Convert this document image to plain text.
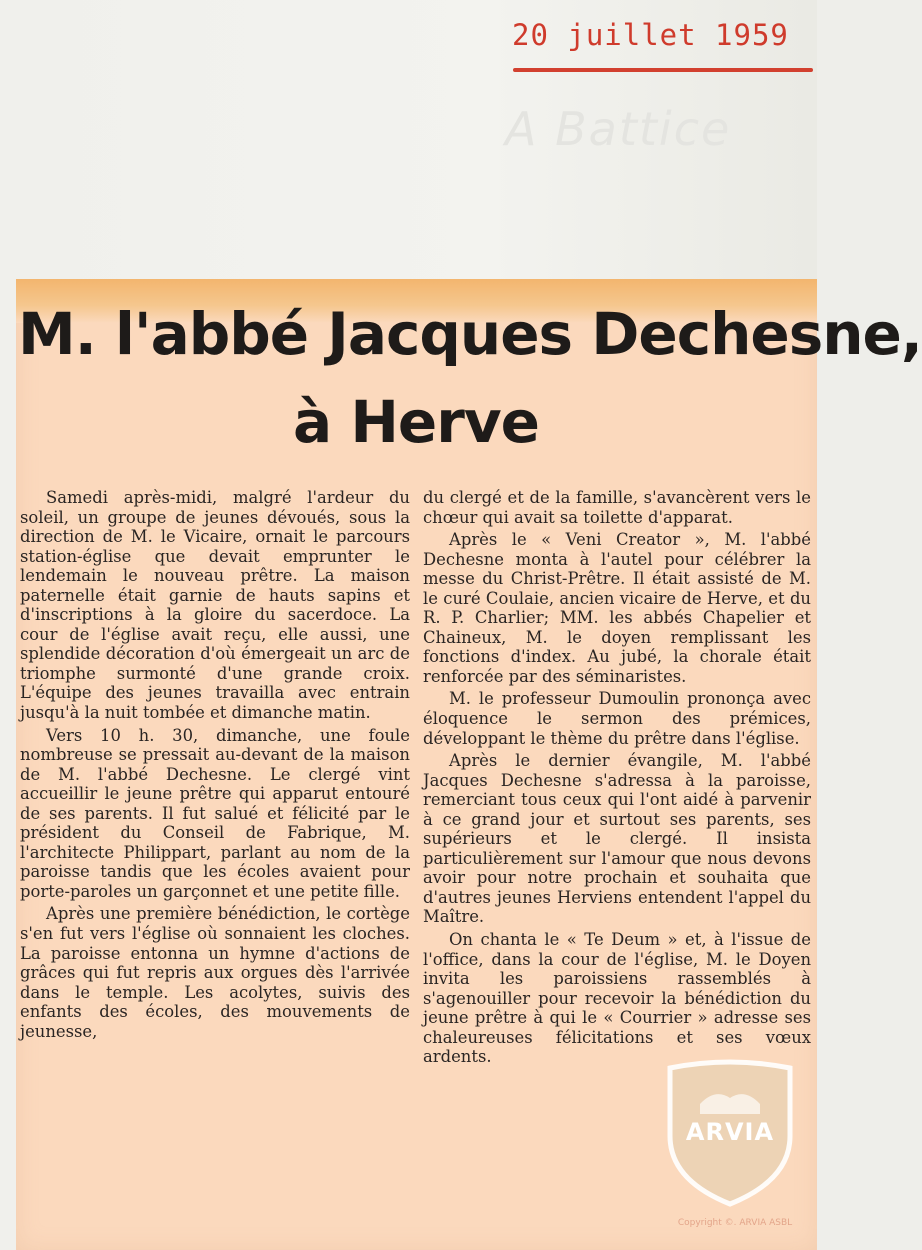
A Battice
20 juillet 1959
M. l'abbé Jacques Dechesne,
à Herve

Samedi après-midi, malgré l'ardeur du soleil, un groupe de jeunes dévoués, sous la direction de M. le Vicaire, ornait le parcours station-église que devait emprunter le lendemain le nouveau prêtre. La maison paternelle était garnie de hauts sapins et d'inscriptions à la gloire du sacerdoce. La cour de l'église avait reçu, elle aussi, une splendide décoration d'où émergeait un arc de triomphe surmonté d'une grande croix. L'équipe des jeunes travailla avec entrain jusqu'à la nuit tombée et dimanche matin.

Vers 10 h. 30, dimanche, une foule nombreuse se pressait au-devant de la maison de M. l'abbé Dechesne. Le clergé vint accueillir le jeune prêtre qui apparut entouré de ses parents. Il fut salué et félicité par le président du Conseil de Fabrique, M. l'architecte Philippart, parlant au nom de la paroisse tandis que les écoles avaient pour porte-paroles un garçonnet et une petite fille.

Après une première bénédiction, le cortège s'en fut vers l'église où sonnaient les cloches. La paroisse entonna un hymne d'actions de grâces qui fut repris aux orgues dès l'arrivée dans le temple. Les acolytes, suivis des enfants des écoles, des mouvements de jeunesse,

du clergé et de la famille, s'avancèrent vers le chœur qui avait sa toilette d'apparat.

Après le « Veni Creator », M. l'abbé Dechesne monta à l'autel pour célébrer la messe du Christ-Prêtre. Il était assisté de M. le curé Coulaie, ancien vicaire de Herve, et du R. P. Charlier; MM. les abbés Chapelier et Chaineux, M. le doyen remplissant les fonctions d'index. Au jubé, la chorale était renforcée par des séminaristes.

M. le professeur Dumoulin prononça avec éloquence le sermon des prémices, développant le thème du prêtre dans l'église.

Après le dernier évangile, M. l'abbé Jacques Dechesne s'adressa à la paroisse, remerciant tous ceux qui l'ont aidé à parvenir à ce grand jour et surtout ses parents, ses supérieurs et le clergé. Il insista particulièrement sur l'amour que nous devons avoir pour notre prochain et souhaita que d'autres jeunes Herviens entendent l'appel du Maître.

On chanta le « Te Deum » et, à l'issue de l'office, dans la cour de l'église, M. le Doyen invita les paroissiens rassemblés à s'agenouiller pour recevoir la bénédiction du jeune prêtre à qui le « Courrier » adresse ses chaleureuses félicitations et ses vœux ardents.

ARVIA
Copyright ©. ARVIA ASBL
